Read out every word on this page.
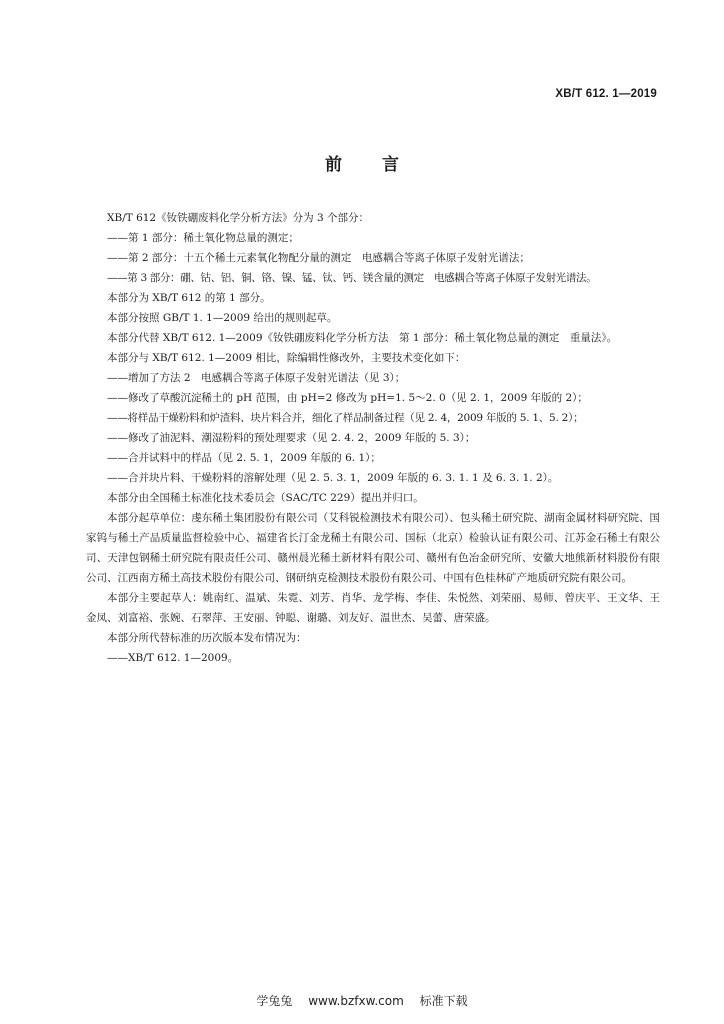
XB/T 612. 1—2019
前 言

XB/T 612《钕铁硼废料化学分析方法》分为 3 个部分：

——第 1 部分：稀土氧化物总量的测定；

——第 2 部分：十五个稀土元素氧化物配分量的测定　电感耦合等离子体原子发射光谱法；

——第 3 部分：硼、钴、铝、铜、铬、镍、锰、钛、钙、镁含量的测定　电感耦合等离子体原子发射光谱法。

本部分为 XB/T 612 的第 1 部分。

本部分按照 GB/T 1. 1—2009 给出的规则起草。

本部分代替 XB/T 612. 1—2009《钕铁硼废料化学分析方法　第 1 部分：稀土氧化物总量的测定　重量法》。

本部分与 XB/T 612. 1—2009 相比，除编辑性修改外，主要技术变化如下：

——增加了方法 2　电感耦合等离子体原子发射光谱法（见 3）；

——修改了草酸沉淀稀土的 pH 范围，由 pH=2 修改为 pH=1. 5～2. 0（见 2. 1，2009 年版的 2）；

——将样品干燥粉料和炉渣料、块片料合并，细化了样品制备过程（见 2. 4，2009 年版的 5. 1、5. 2）；

——修改了油泥料、潮湿粉料的预处理要求（见 2. 4. 2，2009 年版的 5. 3）；

——合并试料中的样品（见 2. 5. 1，2009 年版的 6. 1）；

——合并块片料、干燥粉料的溶解处理（见 2. 5. 3. 1，2009 年版的 6. 3. 1. 1 及 6. 3. 1. 2）。

本部分由全国稀土标准化技术委员会（SAC/TC 229）提出并归口。

本部分起草单位：虔东稀土集团股份有限公司（艾科锐检测技术有限公司）、包头稀土研究院、湖南金属材料研究院、国家钨与稀土产品质量监督检验中心、福建省长汀金龙稀土有限公司、国标（北京）检验认证有限公司、江苏金石稀土有限公司、天津包钢稀土研究院有限责任公司、赣州晨光稀土新材料有限公司、赣州有色冶金研究所、安徽大地熊新材料股份有限公司、江西南方稀土高技术股份有限公司、钢研纳克检测技术股份有限公司、中国有色桂林矿产地质研究院有限公司。

本部分主要起草人：姚南红、温斌、朱霓、刘芳、肖华、龙学梅、李佳、朱悦然、刘荣丽、易师、曾庆平、王文华、王金凤、刘富裕、张婉、石翠萍、王安丽、钟聪、谢璐、刘友好、温世杰、吴蕾、唐荣盛。

本部分所代替标准的历次版本发布情况为：

——XB/T 612. 1—2009。

学兔兔 www.bzfxw.com 标准下载
